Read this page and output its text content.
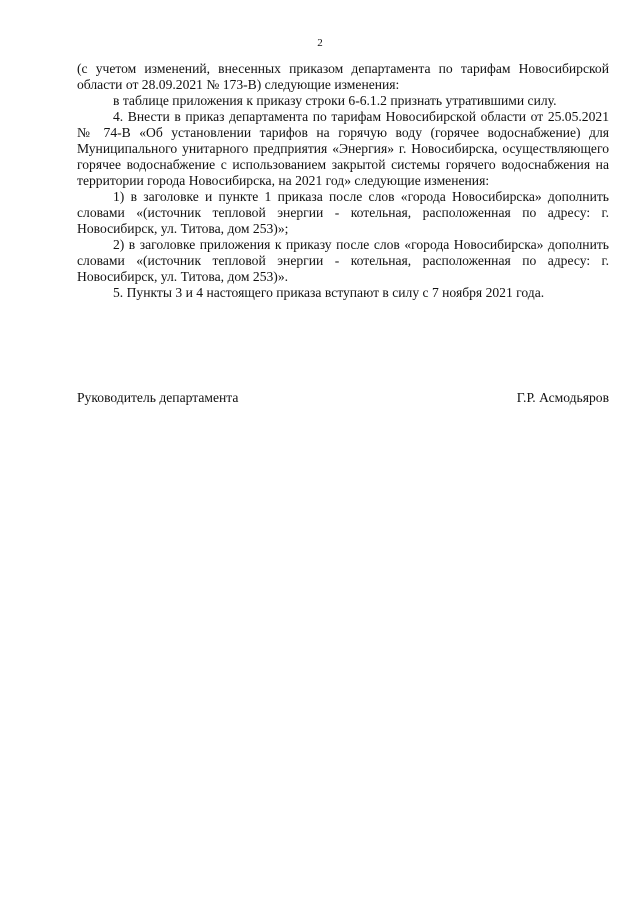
2

(с учетом изменений, внесенных приказом департамента по тарифам Новосибирской области от 28.09.2021 № 173-В) следующие изменения:

в таблице приложения к приказу строки 6-6.1.2 признать утратившими силу.

4. Внести в приказ департамента по тарифам Новосибирской области от 25.05.2021 № 74-В «Об установлении тарифов на горячую воду (горячее водоснабжение) для Муниципального унитарного предприятия «Энергия» г. Новосибирска, осуществляющего горячее водоснабжение с использованием закрытой системы горячего водоснабжения на территории города Новосибирска, на 2021 год» следующие изменения:

1) в заголовке и пункте 1 приказа после слов «города Новосибирска» дополнить словами «(источник тепловой энергии - котельная, расположенная по адресу: г. Новосибирск, ул. Титова, дом 253)»;

2) в заголовке приложения к приказу после слов «города Новосибирска» дополнить словами «(источник тепловой энергии - котельная, расположенная по адресу: г. Новосибирск, ул. Титова, дом 253)».

5. Пункты 3 и 4 настоящего приказа вступают в силу с 7 ноября 2021 года.

Руководитель департамента	Г.Р. Асмодьяров
